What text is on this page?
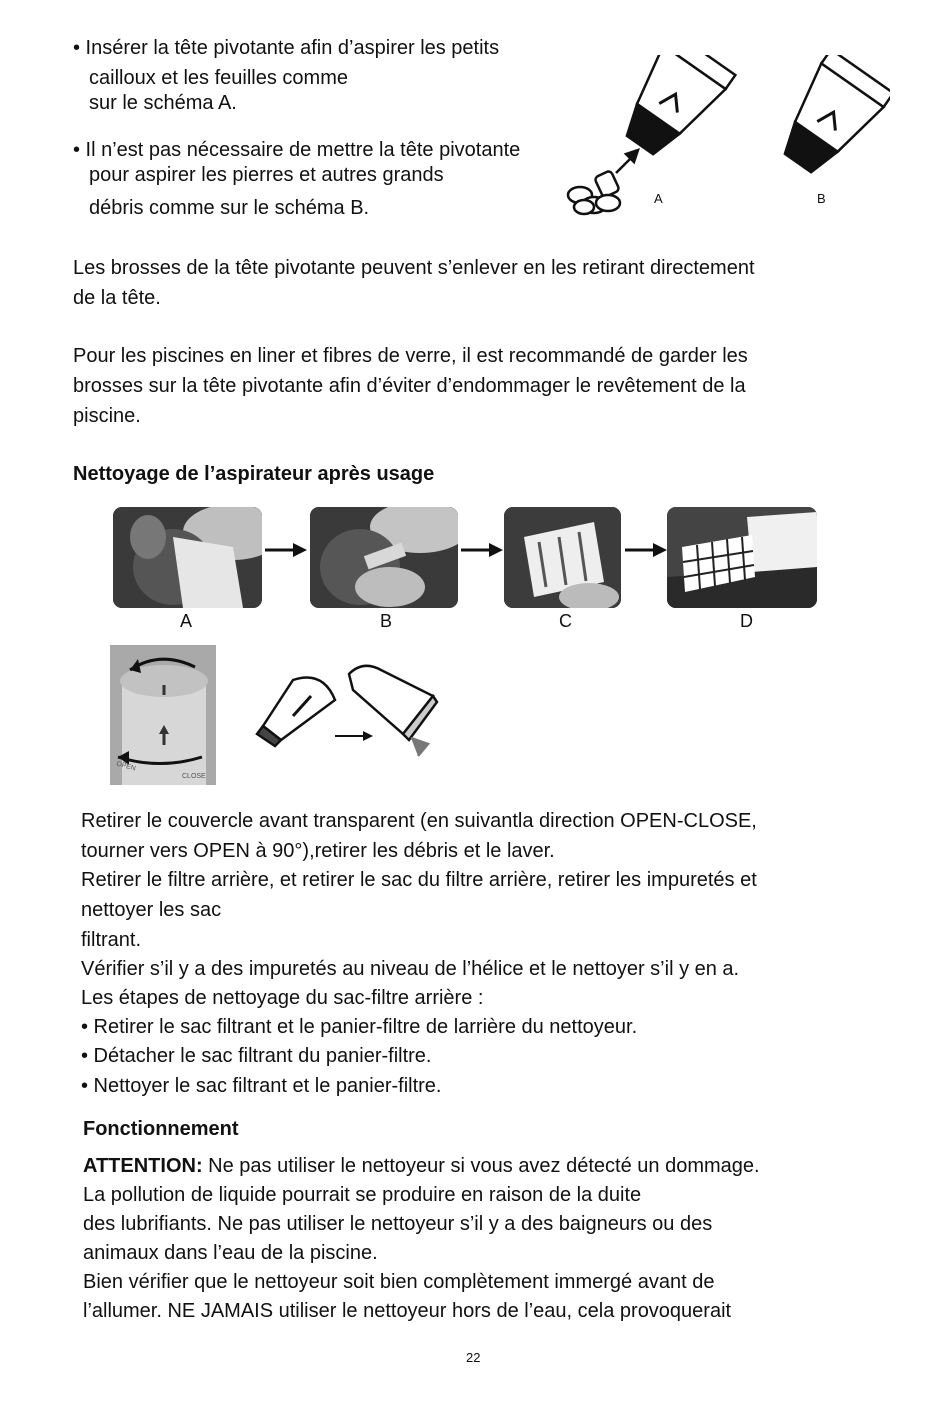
• Insérer la tête pivotante afin d’aspirer les petits
cailloux et les feuilles comme
sur le schéma A.
• Il n’est pas nécessaire de mettre la tête pivotante
pour aspirer les pierres et autres grands
débris comme sur le schéma B.	A	B
Les brosses de la tête pivotante peuvent s’enlever en les retirant directement
de la tête.
Pour les piscines en liner et fibres de verre, il est recommandé de garder les
brosses sur la tête pivotante afin d’éviter d’endommager le revêtement de la
piscine.
Nettoyage de l’aspirateur après usage
A	B	C	D
OPEN
CLOSE
Retirer le couvercle avant transparent (en suivantla direction OPEN-CLOSE,
tourner vers OPEN à 90°),retirer les débris et le laver.
Retirer le filtre arrière, et retirer le sac du filtre arrière, retirer les impuretés et
nettoyer les sac
filtrant.
Vérifier s’il y a des impuretés au niveau de l’hélice et le nettoyer s’il y en a.
Les étapes de nettoyage du sac-filtre arrière :
• Retirer le sac filtrant et le panier-filtre de larrière du nettoyeur.
• Détacher le sac filtrant du panier-filtre.
• Nettoyer le sac filtrant et le panier-filtre.
Fonctionnement
ATTENTION: Ne pas utiliser le nettoyeur si vous avez détecté un dommage.
La pollution de liquide pourrait se produire en raison de la duite
des lubrifiants. Ne pas utiliser le nettoyeur s’il y a des baigneurs ou des
animaux dans l’eau de la piscine.
Bien vérifier que le nettoyeur soit bien complètement immergé avant de
l’allumer. NE JAMAIS utiliser le nettoyeur hors de l’eau, cela provoquerait
22
